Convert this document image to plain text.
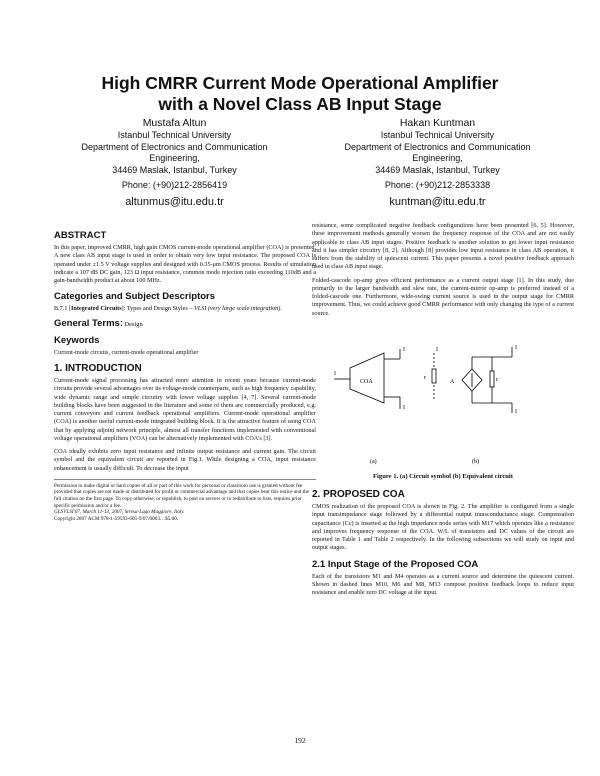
High CMRR Current Mode Operational Amplifier
with a Novel Class AB Input Stage
Mustafa Altun
Istanbul Technical University
Department of Electronics and Communication
Engineering,
34469 Maslak, Istanbul, Turkey
Phone: (+90)212-2856419
altunmus@itu.edu.tr
Hakan Kuntman
Istanbul Technical University
Department of Electronics and Communication
Engineering,
34469 Maslak, Istanbul, Turkey
Phone: (+90)212-2853338
kuntman@itu.edu.tr
ABSTRACT

In this paper, improved CMRR, high gain CMOS current-mode operational amplifier (COA) is presented. A new class AB input stage is used in order to obtain very low input resistance. The proposed COA is operated under ±1.5 V voltage supplies and designed with 0.35-μm CMOS process. Results of simulation indicate a 107 dB DC gain, 123 Ω input resistance, common mode rejection ratio exceeding 110dB and a gain-bandwidth product at about 100 MHz.

Categories and Subject Descriptors

B.7.1 [Integrated Circuits]: Types and Design Styles – VLSI (very large scale integration).

General Terms: Design

Keywords

Current-mode circuits, current-mode operational amplifier

1. INTRODUCTION

Current-mode signal processing has attracted more attention in recent years because current-mode circuits provide several advantages over its voltage-mode counterparts, such as high frequency capability, wide dynamic range and simple circuitry with lower voltage supplies [4, 7]. Several current-mode building blocks have been suggested in the literature and some of them are commercially produced, e.g. current conveyors and current feedback operational amplifiers. Current-mode operational amplifier (COA) is another useful current-mode integrated building block. It is the attractive feature of using COA that by applying adjoint network principle, almost all transfer functions implemented with conventional voltage operational amplifiers (VOA) can be alternatively implemented with COA's [3].

COA ideally exhibits zero input resistance and infinite output resistance and current gain. The circuit symbol and the equivalent circuit are reported in Fig.1. While designing a COA, input resistance enhancement is usually difficult. To decrease the input

Permission to make digital or hard copies of all or part of this work for personal or classroom use is granted without fee provided that copies are not made or distributed for profit or commercial advantage and that copies bear this notice and the full citation on the first page. To copy otherwise, or republish, to post on servers or to redistribute to lists, requires prior specific permission and/or a fee.
GLSVLSI'07, March 11-13, 2007, Stresa-Lago Maggiore, Italy.
Copyright 2007 ACM 978-1-59593-605-9/07/0003…$5.00.

resistance, some complicated negative feedback configurations have been presented [6, 5]. However, these improvement methods generally worsen the frequency response of the COA and are not easily applicable to class AB input stages. Positive feedback is another solution to get lower input resistance and it has simpler circuitry [8, 2]. Although [8] provides low input resistance in class AB operation, it suffers from the stability of quiescent current. This paper presents a novel positive feedback approach used in class AB input stage.

Folded-cascode op-amp gives efficient performance as a current output stage [1]. In this study, due primarily to the larger bandwidth and slew rate, the current-mirror op-amp is preferred instead of a folded-cascode one. Furthermore, wide-swing current source is used in the output stage for CMRR improvement. Thus, we could achieve good CMRR performance with only changing the type of a current source.

I
COA
I
I
I
r
A	r
I
I
(a)	(b)
Figure 1. (a) Circuit symbol (b) Equivalent circuit
2. PROPOSED COA

CMOS realization of the proposed COA is shown in Fig. 2. The amplifier is configured from a single input transimpedance stage followed by a differential output transconductance stage. Compensation capacitance (Cc) is inserted at the high impedance node series with M17 which operates like a resistance and improves frequency response of the COA. W/L of transistors and DC values of the circuit are reported in Table 1 and Table 2 respectively. In the following subsections we will study on input and output stages.

2.1 Input Stage of the Proposed COA

Each of the transistors M1 and M4 operates as a current source and determine the quiescent current. Shown in dashed lines M10, M6 and M8, M13 compose positive feedback loops to reduce input resistance and enable zero DC voltage at the input.

192
